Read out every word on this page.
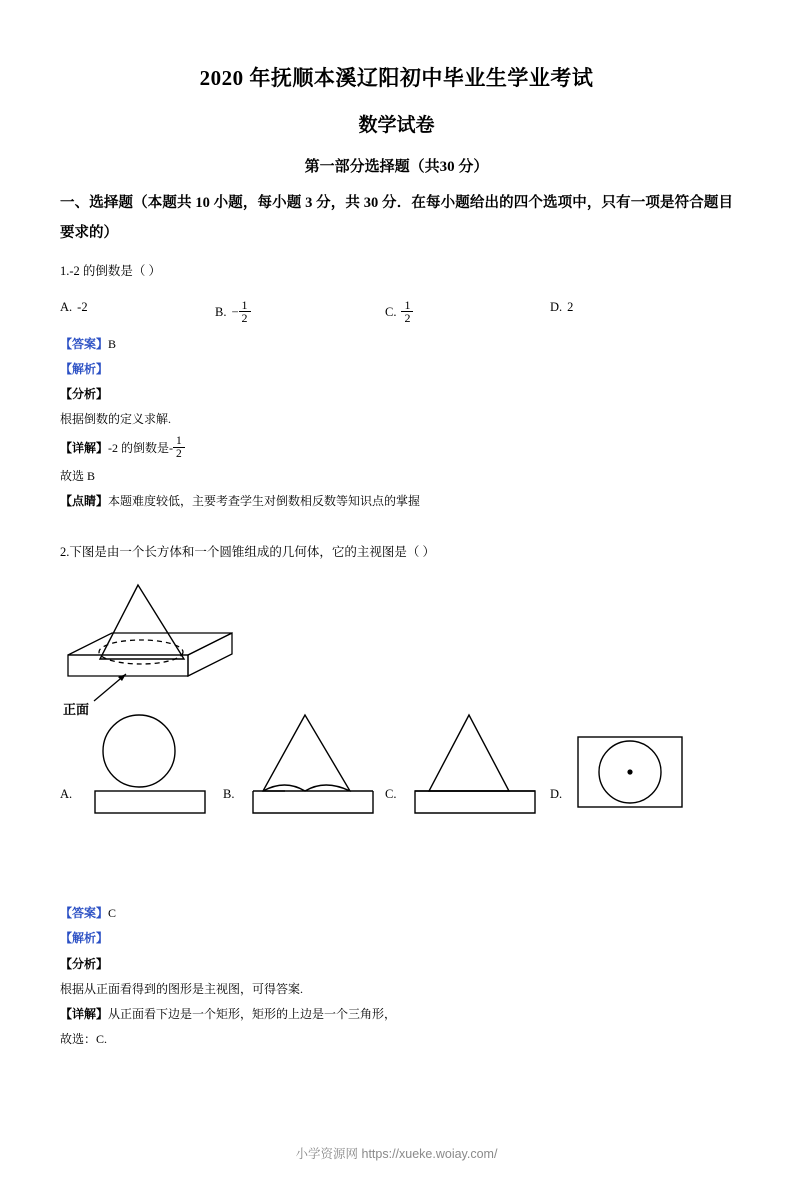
2020 年抚顺本溪辽阳初中毕业生学业考试
数学试卷
第一部分选择题（共30 分）
一、选择题（本题共 10 小题，每小题 3 分，共 30 分．在每小题给出的四个选项中，只有一项是符合题目要求的）
1.-2 的倒数是（ ）
A. -2	B. − $\frac{1}{2}$	C. $\frac{1}{2}$	D. 2
【答案】B
【解析】
【分析】
根据倒数的定义求解.
【详解】-2 的倒数是- $\frac{1}{2}$
故选 B
【点睛】本题难度较低，主要考查学生对倒数相反数等知识点的掌握
2.下图是由一个长方体和一个圆锥组成的几何体，它的主视图是（ ）
正面
A.	B.	C.	D.
【答案】C
【解析】
【分析】
根据从正面看得到的图形是主视图，可得答案.
【详解】从正面看下边是一个矩形，矩形的上边是一个三角形，
故选：C.
小学资源网 https://xueke.woiay.com/
